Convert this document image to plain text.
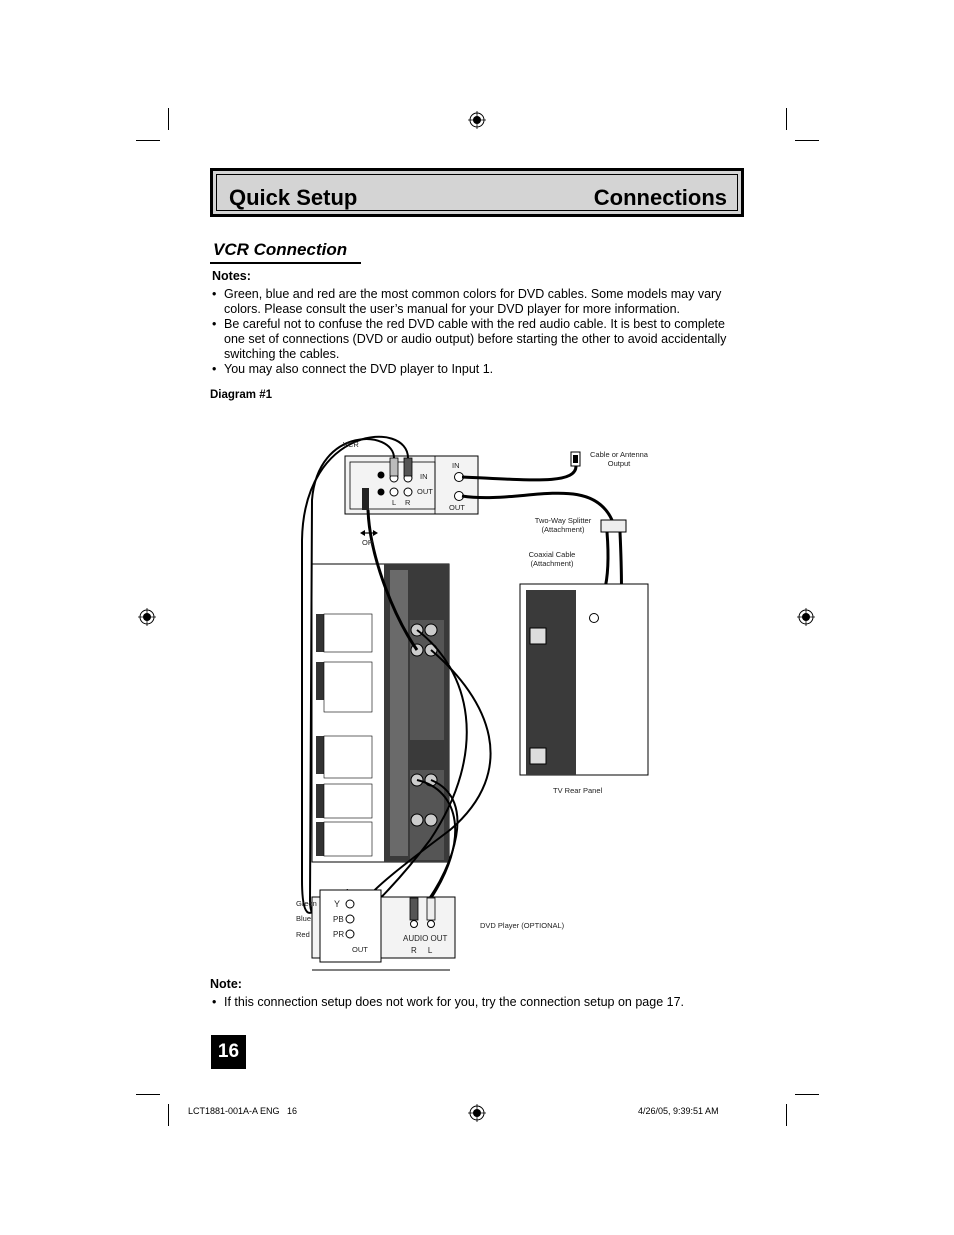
Quick Setup	Connections
VCR Connection
Notes:
• Green, blue and red are the most common colors for DVD cables. Some models may vary colors. Please consult the user’s manual for your DVD player for more information.
• Be careful not to confuse the red DVD cable with the red audio cable. It is best to complete one set of connections (DVD or audio output) before starting the other to avoid accidentally switching the cables.
• You may also connect the DVD player to Input 1.
Diagram #1
VCR
IN
IN
OUT
L R
OUT
OR
Cable or Antenna
Output
Two-Way Splitter
(Attachment)
Coaxial Cable
(Attachment)
TV Rear Panel
Green
Blue
Red
Y
PB
PR
OUT
AUDIO OUT
R     L
DVD Player (OPTIONAL)
Note:
• If this connection setup does not work for you, try the connection setup on page 17.
16
LCT1881-001A-A ENG   16	4/26/05, 9:39:51 AM
